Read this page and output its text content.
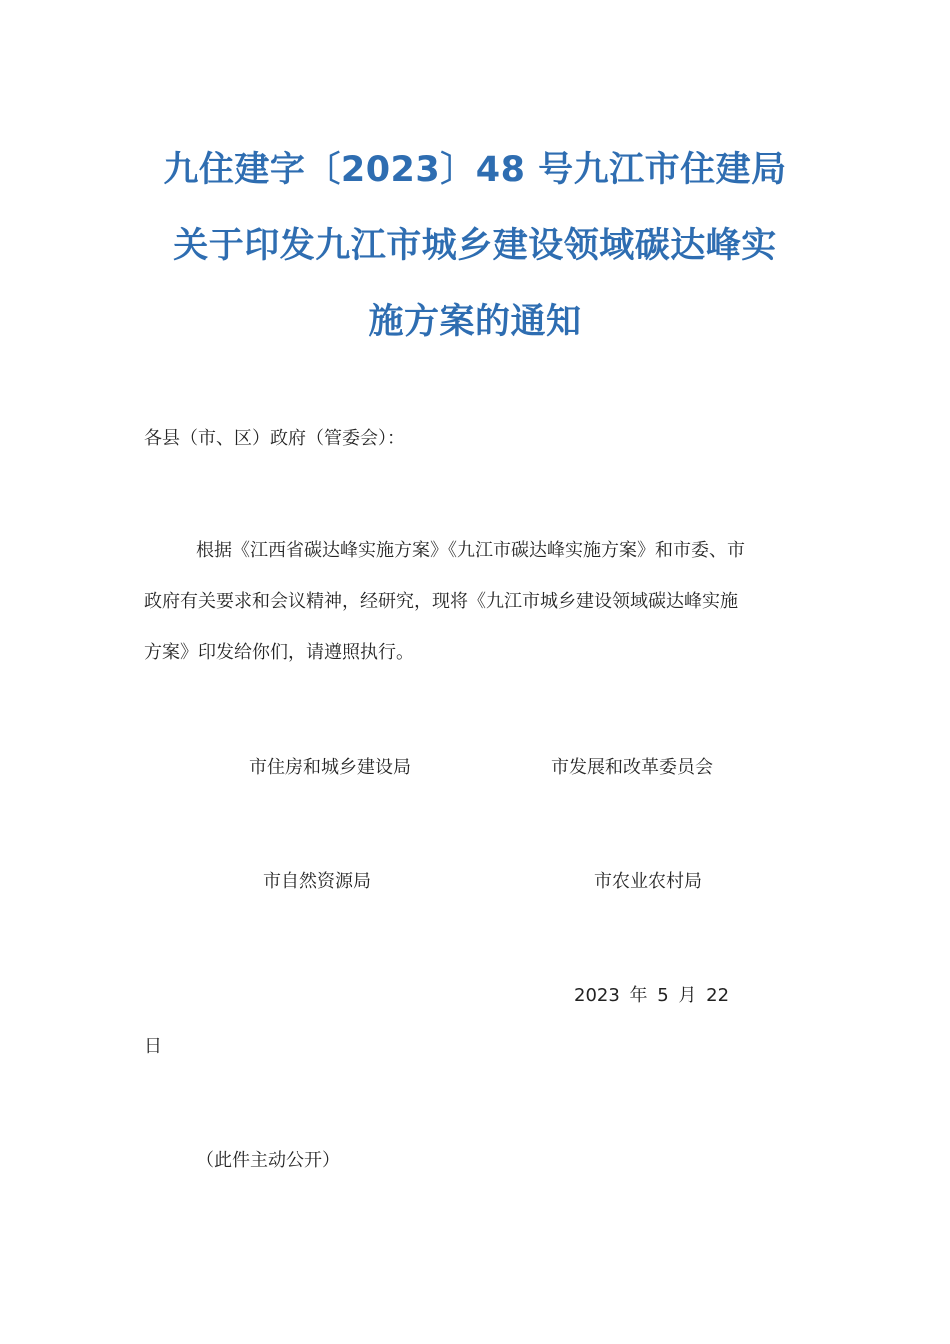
九住建字〔2023〕48 号九江市住建局
关于印发九江市城乡建设领域碳达峰实
施方案的通知

各县（市、区）政府（管委会）：

根据《江西省碳达峰实施方案》《九江市碳达峰实施方案》和市委、市
政府有关要求和会议精神，经研究，现将《九江市城乡建设领域碳达峰实施
方案》印发给你们，请遵照执行。

市住房和城乡建设局	市发展和改革委员会

市自然资源局	市农业农村局

2023 年 5 月 22

日

（此件主动公开）
